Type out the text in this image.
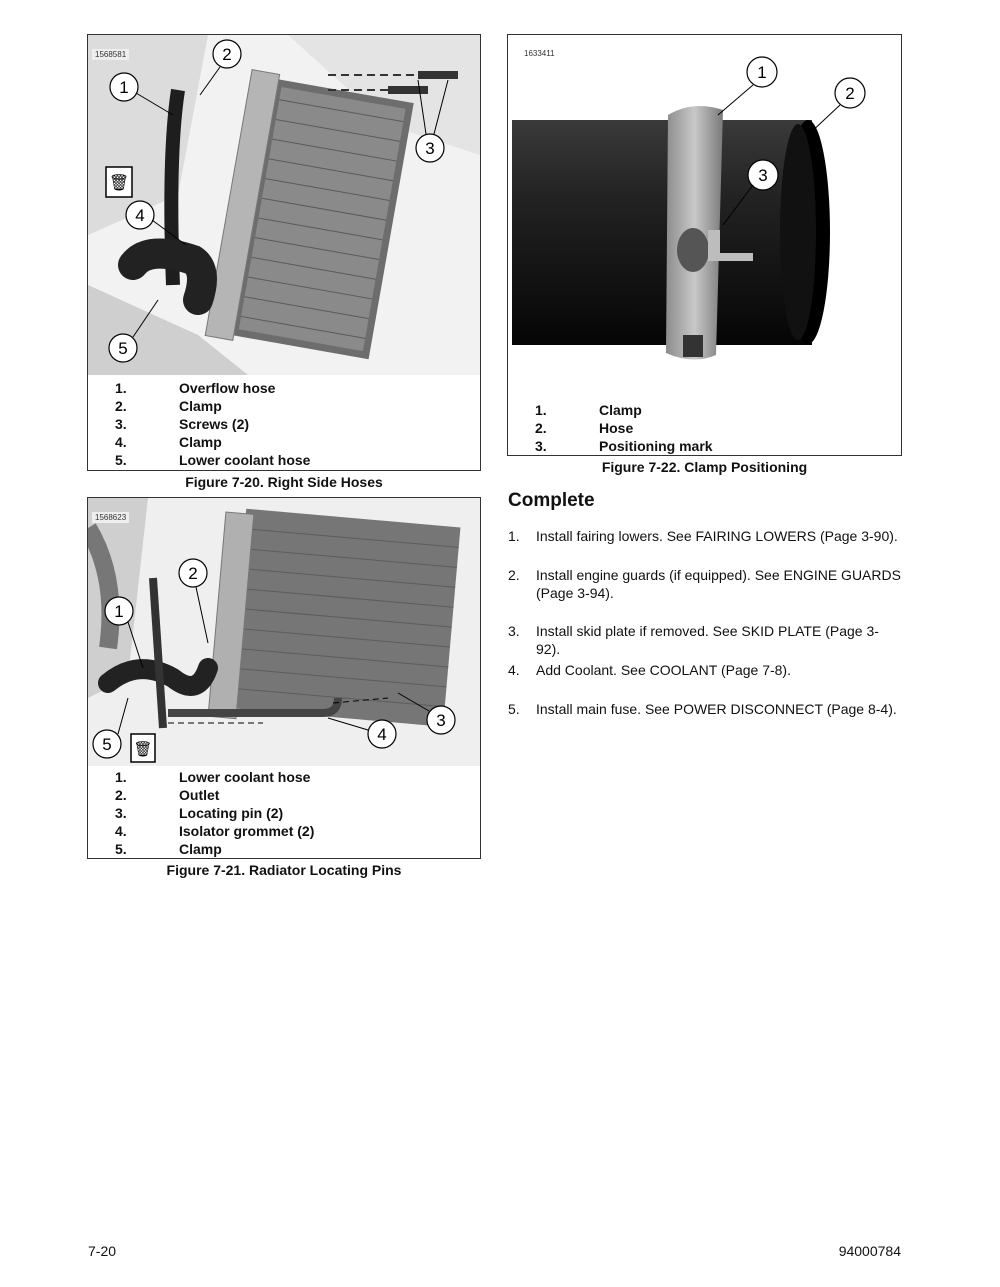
🗑
1
2
3
4
5
1568581
1.	Overflow hose
2.	Clamp
3.	Screws (2)
4.	Clamp
5.	Lower coolant hose
Figure 7-20. Right Side Hoses
🗑
1
2
3
4
5
1568623
1.	Lower coolant hose
2.	Outlet
3.	Locating pin (2)
4.	Isolator grommet (2)
5.	Clamp
Figure 7-21. Radiator Locating Pins
1
2
3
1633411
1.	Clamp
2.	Hose
3.	Positioning mark
Figure 7-22. Clamp Positioning
Complete
1.	Install fairing lowers. See FAIRING LOWERS (Page 3-90).
2.	Install engine guards (if equipped). See ENGINE GUARDS (Page 3-94).
3.	Install skid plate if removed. See SKID PLATE (Page 3-92).
4.	Add Coolant. See COOLANT (Page 7-8).
5.	Install main fuse. See POWER DISCONNECT (Page 8-4).
7-20	94000784
